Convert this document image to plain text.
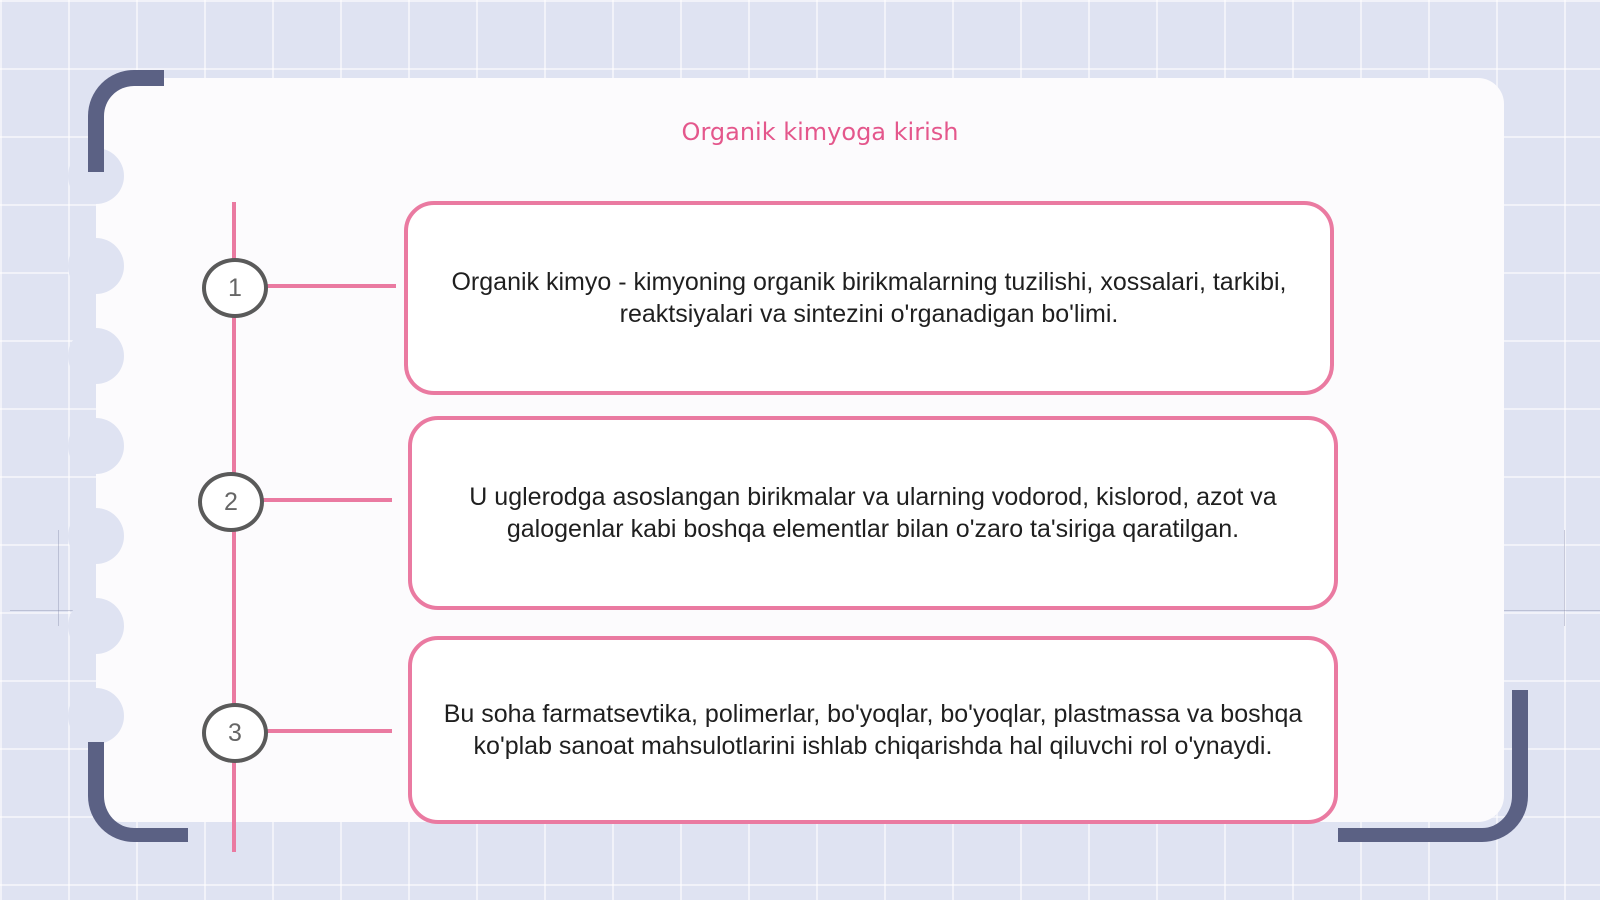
Organik kimyoga kirish
1	Organik kimyo - kimyoning organik birikmalarning tuzilishi, xossalari, tarkibi, reaktsiyalari va sintezini o'rganadigan bo'limi.
2	U uglerodga asoslangan birikmalar va ularning vodorod, kislorod, azot va galogenlar kabi boshqa elementlar bilan o'zaro ta'siriga qaratilgan.
3
Bu soha farmatsevtika, polimerlar, bo'yoqlar, bo'yoqlar, plastmassa va boshqa ko'plab sanoat mahsulotlarini ishlab chiqarishda hal qiluvchi rol o'ynaydi.
